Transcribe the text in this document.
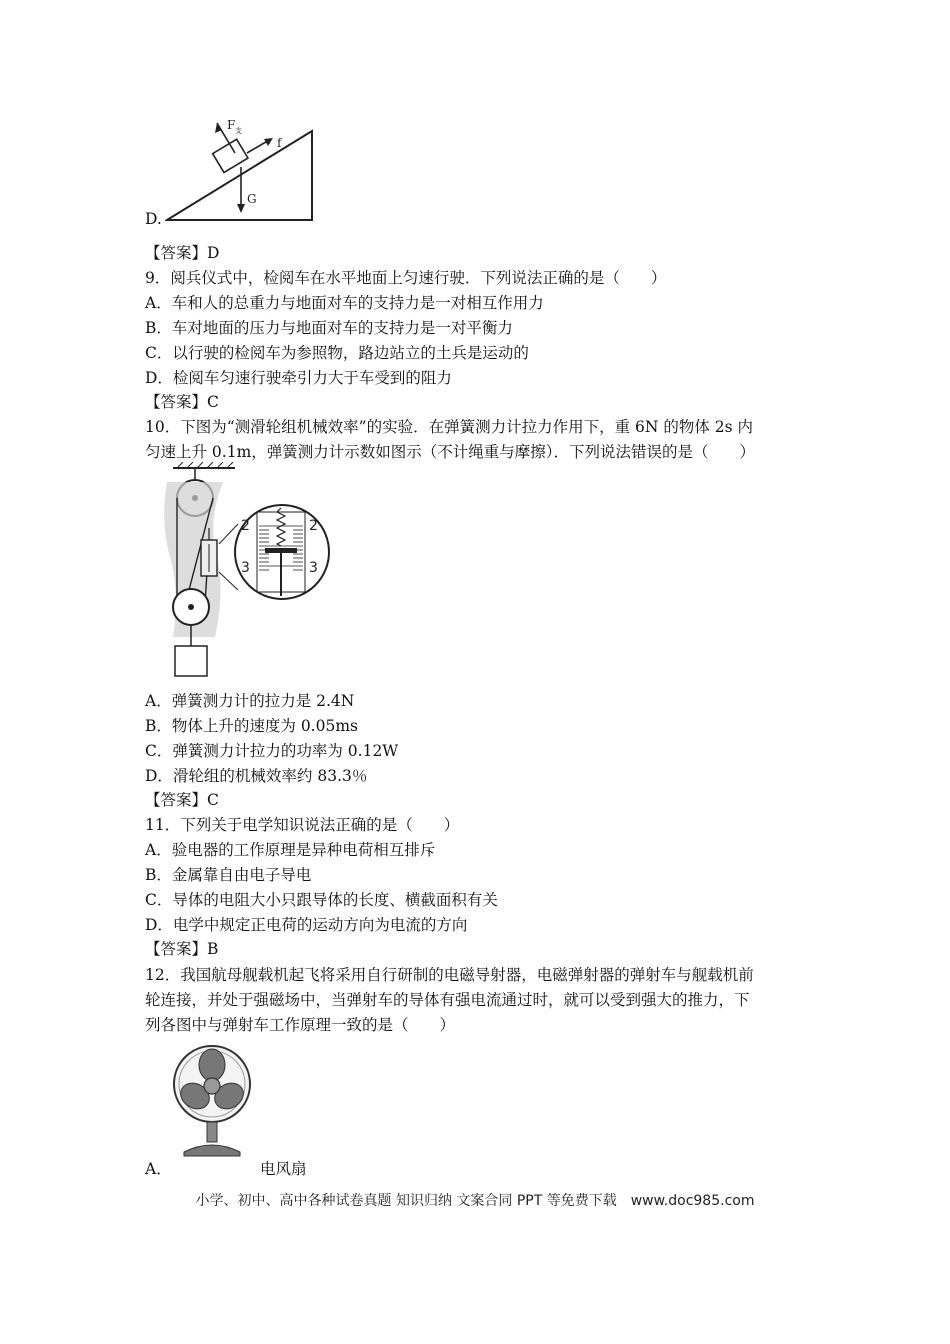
F 支
f
G
D.
【答案】D
9．阅兵仪式中，检阅车在水平地面上匀速行驶．下列说法正确的是（　　）
A．车和人的总重力与地面对车的支持力是一对相互作用力
B．车对地面的压力与地面对车的支持力是一对平衡力
C．以行驶的检阅车为参照物，路边站立的土兵是运动的
D．检阅车匀速行驶牵引力大于车受到的阻力
【答案】C
10．下图为“测滑轮组机械效率”的实验．在弹簧测力计拉力作用下，重 6N 的物体 2s 内
匀速上升 0.1m，弹簧测力计示数如图示（不计绳重与摩擦）．下列说法错误的是（　　）
2	2
3	3
A．弹簧测力计的拉力是 2.4N
B．物体上升的速度为 0.05ms
C．弹簧测力计拉力的功率为 0.12W
D．滑轮组的机械效率约 83.3％
【答案】C
11．下列关于电学知识说法正确的是（　　）
A．验电器的工作原理是异种电荷相互排斥
B．金属靠自由电子导电
C．导体的电阻大小只跟导体的长度、横截面积有关
D．电学中规定正电荷的运动方向为电流的方向
【答案】B
12．我国航母舰载机起飞将采用自行研制的电磁导射器，电磁弹射器的弹射车与舰载机前
轮连接，并处于强磁场中，当弹射车的导体有强电流通过时，就可以受到强大的推力，下
列各图中与弹射车工作原理一致的是（　　）
A．	电风扇
小学、初中、高中各种试卷真题 知识归纳 文案合同 PPT 等免费下载　www.doc985.com
